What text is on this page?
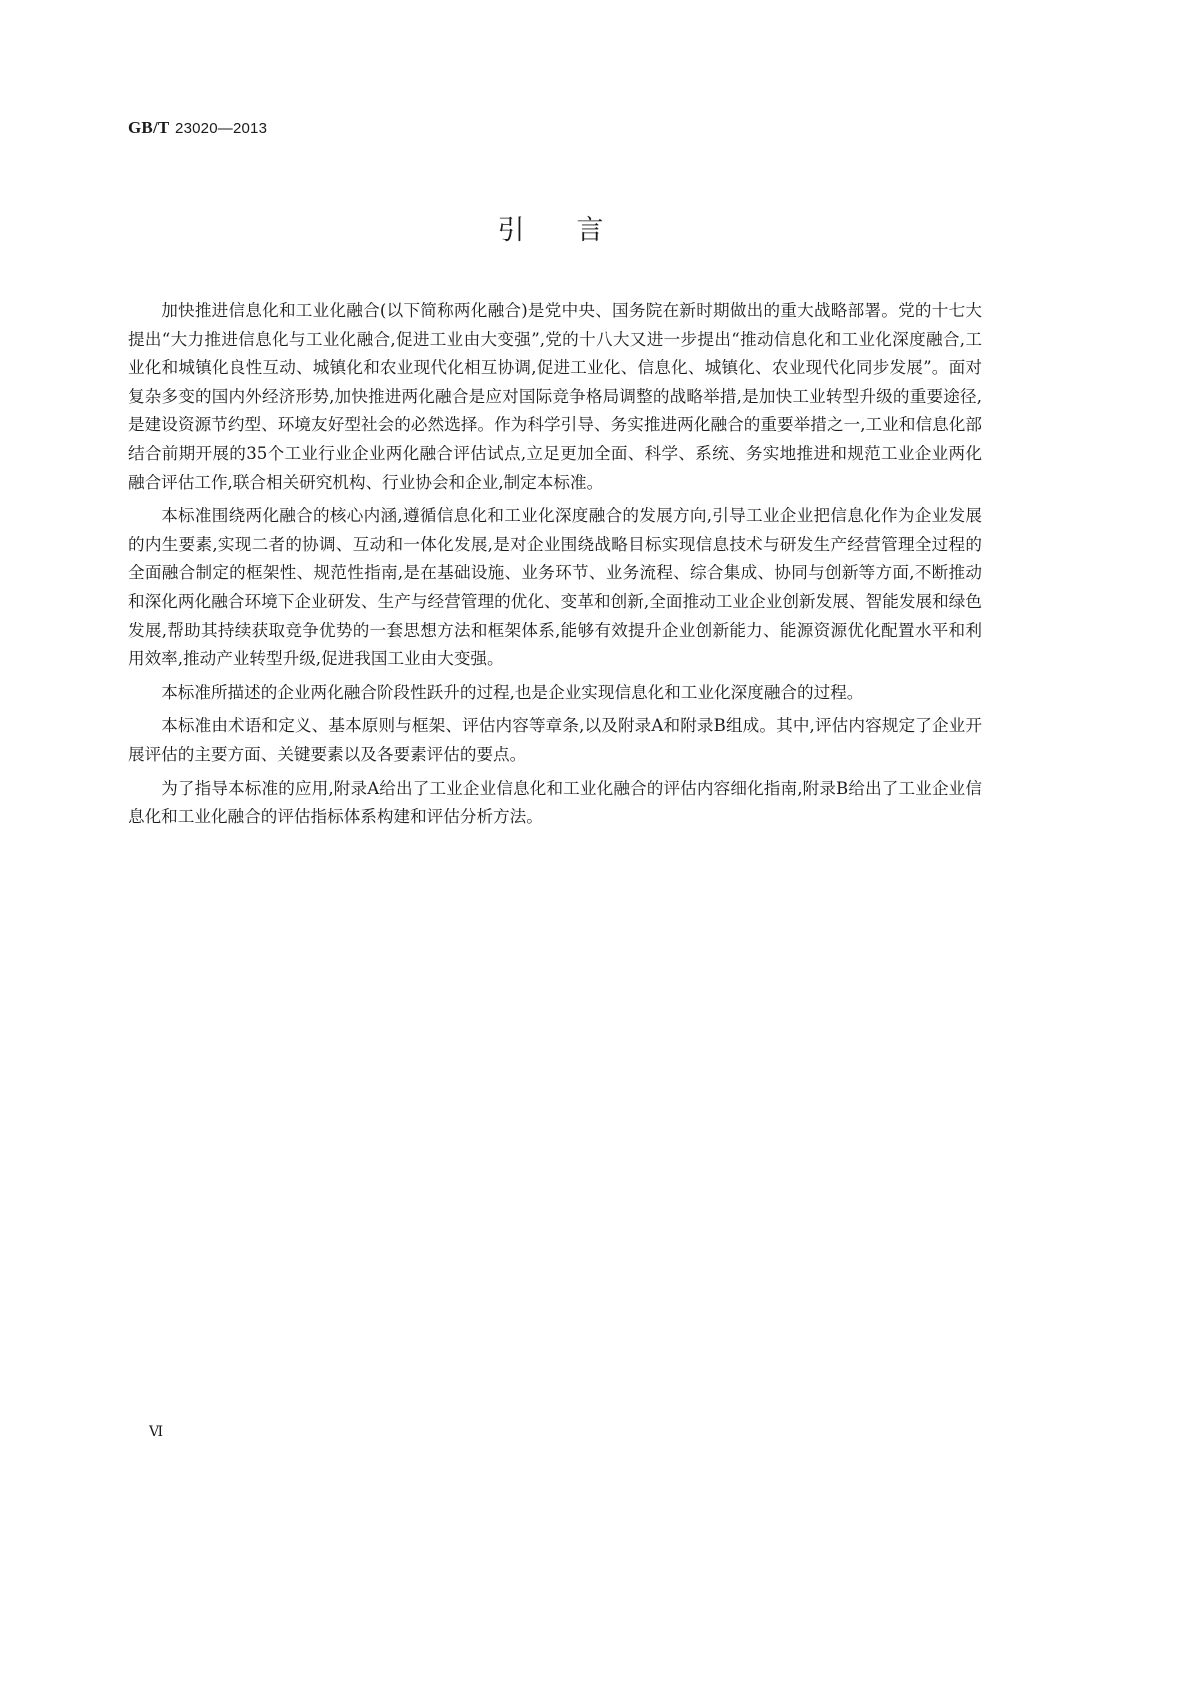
GB/T 23020—2013
引言

加快推进信息化和工业化融合(以下简称两化融合)是党中央、国务院在新时期做出的重大战略部署。党的十七大提出“大力推进信息化与工业化融合,促进工业由大变强”,党的十八大又进一步提出“推动信息化和工业化深度融合,工业化和城镇化良性互动、城镇化和农业现代化相互协调,促进工业化、信息化、城镇化、农业现代化同步发展”。面对复杂多变的国内外经济形势,加快推进两化融合是应对国际竞争格局调整的战略举措,是加快工业转型升级的重要途径,是建设资源节约型、环境友好型社会的必然选择。作为科学引导、务实推进两化融合的重要举措之一,工业和信息化部结合前期开展的35个工业行业企业两化融合评估试点,立足更加全面、科学、系统、务实地推进和规范工业企业两化融合评估工作,联合相关研究机构、行业协会和企业,制定本标准。

本标准围绕两化融合的核心内涵,遵循信息化和工业化深度融合的发展方向,引导工业企业把信息化作为企业发展的内生要素,实现二者的协调、互动和一体化发展,是对企业围绕战略目标实现信息技术与研发生产经营管理全过程的全面融合制定的框架性、规范性指南,是在基础设施、业务环节、业务流程、综合集成、协同与创新等方面,不断推动和深化两化融合环境下企业研发、生产与经营管理的优化、变革和创新,全面推动工业企业创新发展、智能发展和绿色发展,帮助其持续获取竞争优势的一套思想方法和框架体系,能够有效提升企业创新能力、能源资源优化配置水平和利用效率,推动产业转型升级,促进我国工业由大变强。

本标准所描述的企业两化融合阶段性跃升的过程,也是企业实现信息化和工业化深度融合的过程。

本标准由术语和定义、基本原则与框架、评估内容等章条,以及附录A和附录B组成。其中,评估内容规定了企业开展评估的主要方面、关键要素以及各要素评估的要点。

为了指导本标准的应用,附录A给出了工业企业信息化和工业化融合的评估内容细化指南,附录B给出了工业企业信息化和工业化融合的评估指标体系构建和评估分析方法。

Ⅵ
